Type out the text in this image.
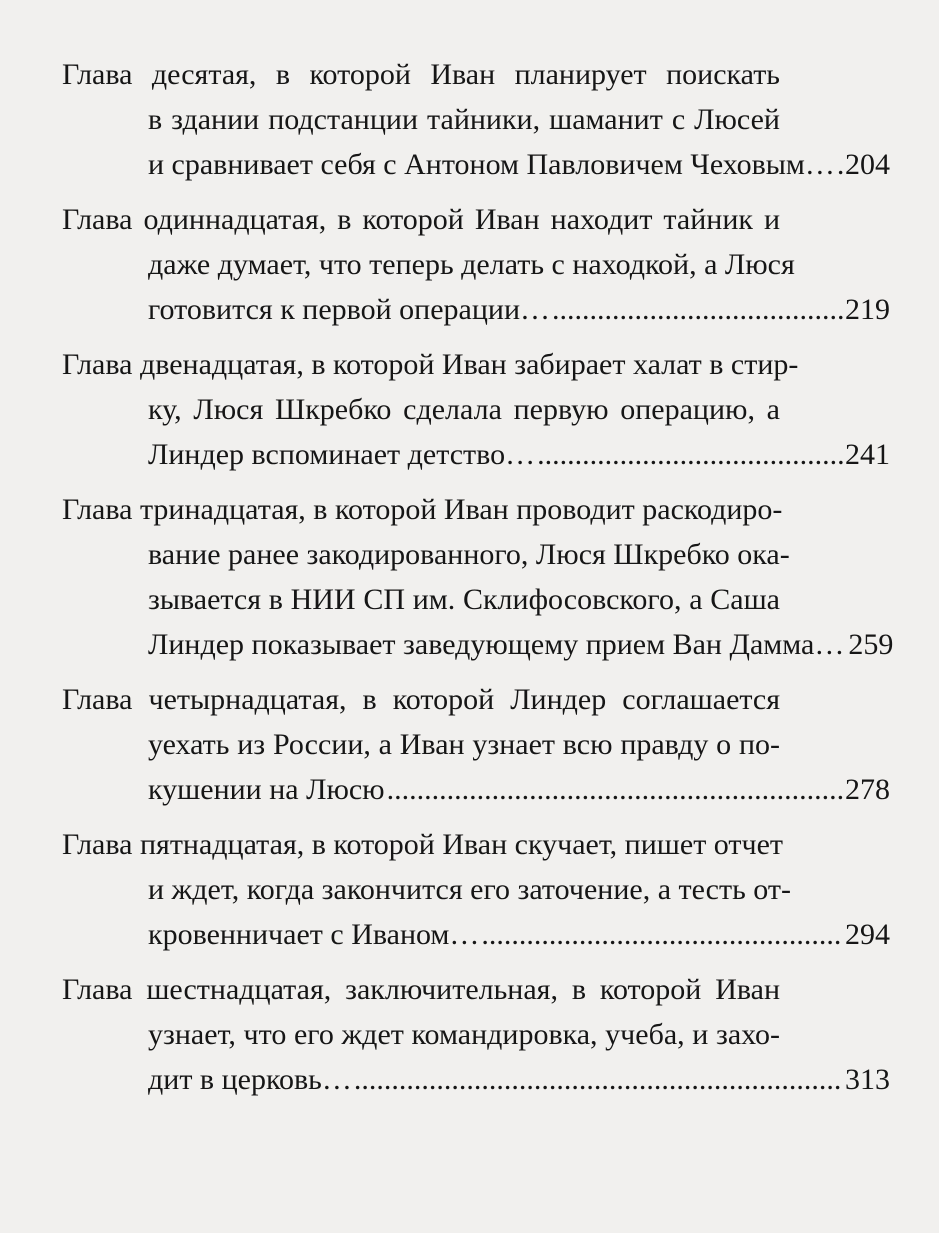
Глава десятая, в которой Иван планирует поискать
в здании подстанции тайники, шаманит с Люсей
и сравнивает себя с Антоном Павловичем Чеховым… ..... 204
Глава одиннадцатая, в которой Иван находит тайник и
даже думает, что теперь делать с находкой, а Люся
готовится к первой операции… .....	219
Глава двенадцатая, в которой Иван забирает халат в стир-
ку, Люся Шкребко сделала первую операцию, а
Линдер вспоминает детство… .....	241
Глава тринадцатая, в которой Иван проводит раскодиро-
вание ранее закодированного, Люся Шкребко ока-
зывается в НИИ СП им. Склифосовского, а Саша
Линдер показывает заведующему прием Ван Дамма… 259
Глава четырнадцатая, в которой Линдер соглашается
уехать из России, а Иван узнает всю правду о по-
кушении на Люсю .....	278
Глава пятнадцатая, в которой Иван скучает, пишет отчет
и ждет, когда закончится его заточение, а тесть от-
кровенничает с Иваном… .....	294
Глава шестнадцатая, заключительная, в которой Иван
узнает, что его ждет командировка, учеба, и захо-
дит в церковь… .....	313
